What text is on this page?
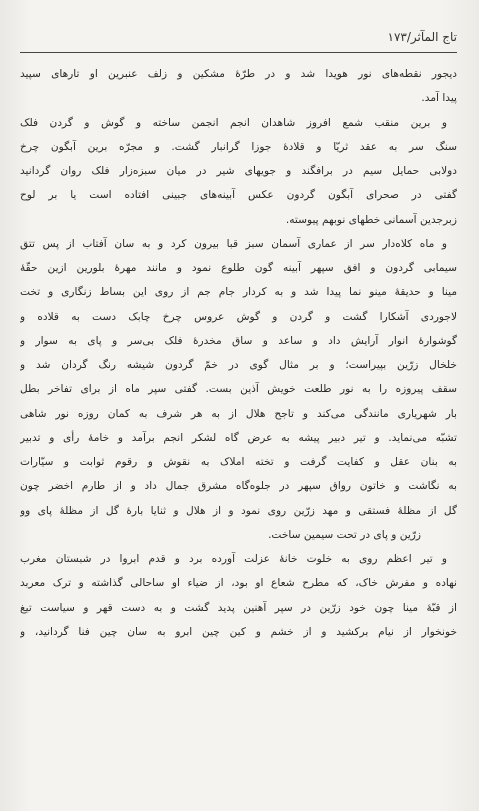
تاج المآثر/۱۷۳
دیجور نقطه‌های نور هویدا شد و در طرّهٔ مشکین و زلف عنبرین او تارهای سپید
پیدا آمد.
و برین منقب شمع افروز شاهدان انجم انجمن ساخته و گوش و گردن فلک
سنگ سر به عقد ثریّا و قلادهٔ جوزا گرانبار گشت. و مجرّه برین آبگون چرخ
دولابی حمایل سیم در برافگند و جویهای شیر در میان سبزه‌زار فلک روان گردانید
گفتی در صحرای آبگون گردون عکس آبینه‌های جبینی افتاده است یا بر لوح
زبرجدین آسمانی خطهای نوبهم پیوسته.
و ماه کلاه‌دار سر از عماری آسمان سبز قبا بیرون کرد و به سان آفتاب از پس تتق
سیمابی گردون و افق سپهر آبینه گون طلوع نمود و مانند مهرهٔ بلورین ازین حقّهٔ
مینا و حدیقهٔ مینو نما پیدا شد و به کردار جام جم از روی این بساط زنگاری و تخت
لاجوردی آشکارا گشت و گردن و گوش عروس چرخ چابک دست به قلاده و
گوشوارهٔ انوار آرایش داد و ساعد و ساق مخدرهٔ فلک بی‌سر و پای به سوار و
خلخال زرّین بپیراست؛ و بر مثال گوی در خمّ گردون شیشه رنگ گردان شد و
سقف پیروزه را به نور طلعت خویش آذین بست. گفتی سپر ماه از برای تفاخر بطل
بار شهریاری مانندگی می‌کند و تاجح هلال از به هر شرف به کمان روزه نور شاهی
تشبّه می‌نماید. و تیر دبیر پیشه به عرض گاه لشکر انجم برآمد و خامهٔ رأی و تدبیر
به بنان عقل و کفایت گرفت و تخته املاک به نقوش و رقوم ثوابت و سیّارات
به نگاشت و خاتون رواق سپهر در جلوه‌گاه مشرق جمال داد و از طارم اخضر چون
گل از مظلهٔ فستقی و مهد زرّین روی نمود و از هلال و ثنایا بارهٔ گل از مظلهٔ پای وو
زرّین و پای در تحت سیمین ساخت.
و تیر اعظم روی به خلوت خانهٔ عزلت آورده برد و قدم ابروا در شبستان مغرب
نهاده و مفرش خاک، که مطرح شعاع او بود، از ضیاء او ساحالی گذاشته و ترک معربد
از قبّهٔ مینا چون خود زرّین در سپر آهنین پدید گشت و به دست قهر و سیاست تیغ
خونخوار از نیام برکشید و از خشم و کین چین ابرو به سان چین فنا گردانید، و
